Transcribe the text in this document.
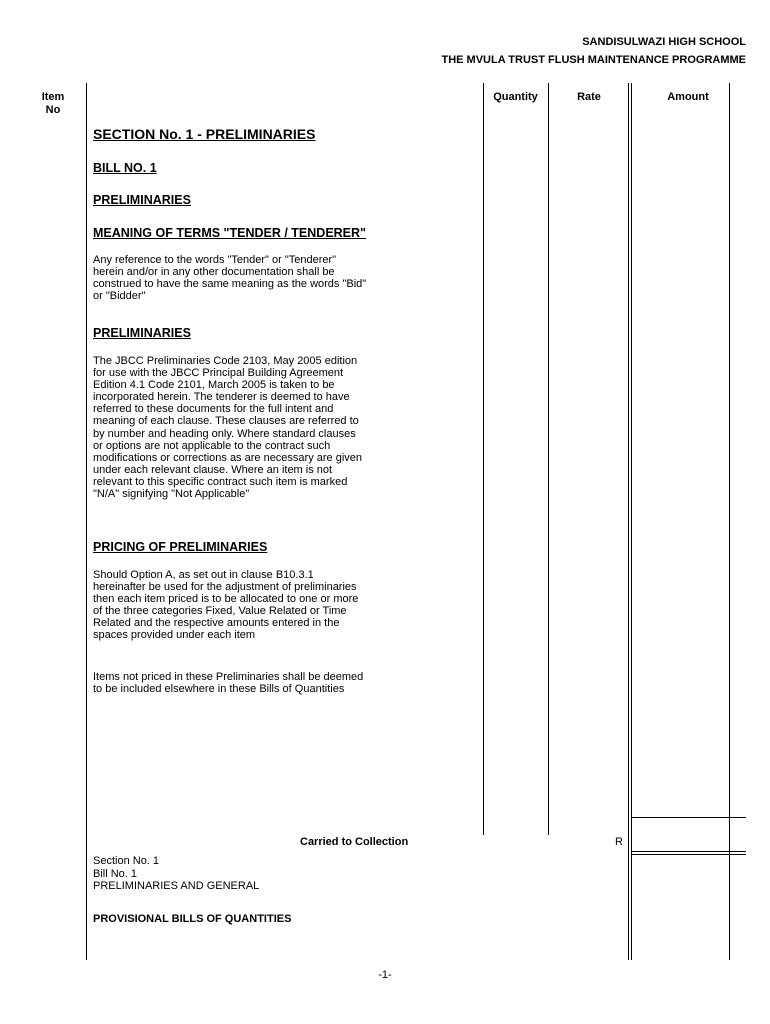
SANDISULWAZI HIGH SCHOOL
THE MVULA TRUST FLUSH MAINTENANCE PROGRAMME
Item
No
Quantity	Rate	Amount
SECTION No. 1 - PRELIMINARIES
BILL NO. 1
PRELIMINARIES
MEANING OF TERMS "TENDER / TENDERER"

Any reference to the words "Tender" or "Tenderer"

herein and/or in any other documentation shall be

construed to have the same meaning as the words "Bid"

or "Bidder"

PRELIMINARIES

The JBCC Preliminaries Code 2103, May 2005 edition

for use with the JBCC Principal Building Agreement

Edition 4.1 Code 2101, March 2005 is taken to be

incorporated herein. The tenderer is deemed to have

referred to these documents for the full intent and

meaning of each clause. These clauses are referred to

by number and heading only. Where standard clauses

or options are not applicable to the contract such

modifications or corrections as are necessary are given

under each relevant clause. Where an item is not

relevant to this specific contract such item is marked

"N/A" signifying "Not Applicable"

PRICING OF PRELIMINARIES

Should Option A, as set out in clause B10.3.1

hereinafter be used for the adjustment of preliminaries

then each item priced is to be allocated to one or more

of the three categories Fixed, Value Related or Time

Related and the respective amounts entered in the

spaces provided under each item

Items not priced in these Preliminaries shall be deemed

to be included elsewhere in these Bills of Quantities

Carried to Collection	R
Section No. 1
Bill No. 1
PRELIMINARIES AND GENERAL
PROVISIONAL BILLS OF QUANTITIES
-1-
